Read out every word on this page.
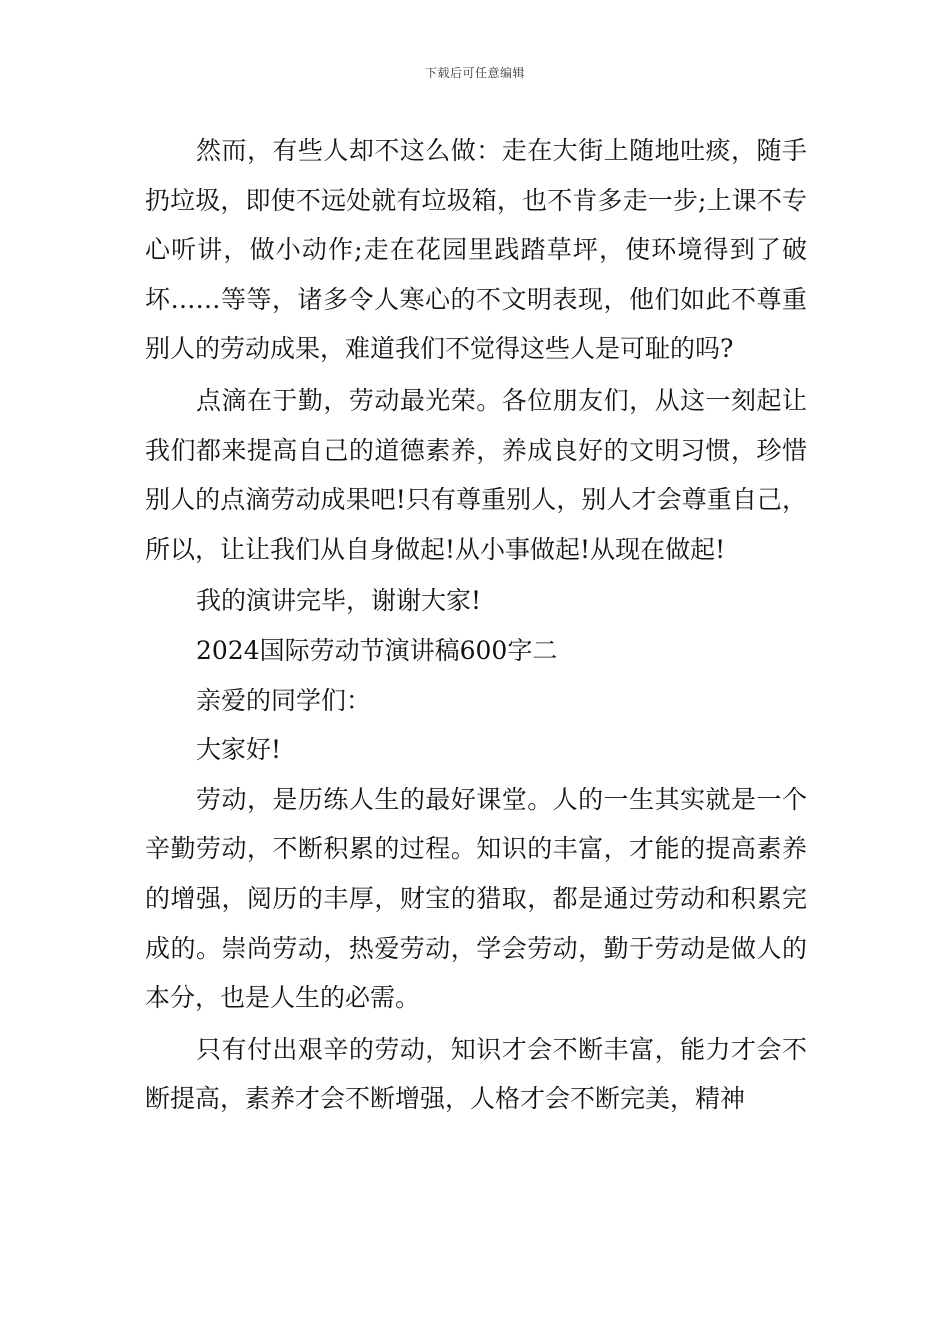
下载后可任意编辑

然而，有些人却不这么做：走在大街上随地吐痰，随手扔垃圾，即使不远处就有垃圾箱，也不肯多走一步;上课不专心听讲，做小动作;走在花园里践踏草坪，使环境得到了破坏……等等，诸多令人寒心的不文明表现，他们如此不尊重别人的劳动成果，难道我们不觉得这些人是可耻的吗?

点滴在于勤，劳动最光荣。各位朋友们，从这一刻起让我们都来提高自己的道德素养，养成良好的文明习惯，珍惜别人的点滴劳动成果吧!只有尊重别人，别人才会尊重自己，所以，让让我们从自身做起!从小事做起!从现在做起!

我的演讲完毕，谢谢大家!

2024国际劳动节演讲稿600字二

亲爱的同学们：

大家好!

劳动，是历练人生的最好课堂。人的一生其实就是一个辛勤劳动，不断积累的过程。知识的丰富，才能的提高素养的增强，阅历的丰厚，财宝的猎取，都是通过劳动和积累完成的。崇尚劳动，热爱劳动，学会劳动，勤于劳动是做人的本分，也是人生的必需。

只有付出艰辛的劳动，知识才会不断丰富，能力才会不断提高，素养才会不断增强，人格才会不断完美，精神
